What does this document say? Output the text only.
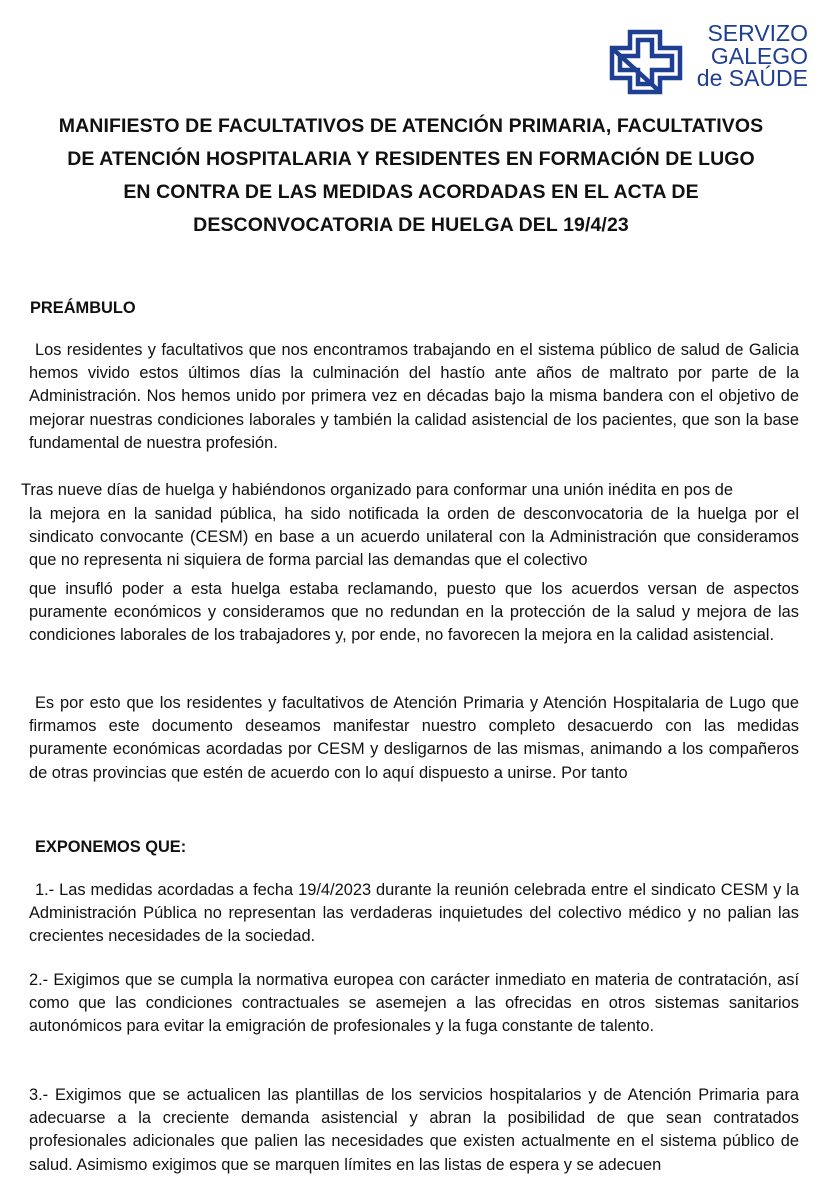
SERVIZO
GALEGO
de SAÚDE
MANIFIESTO DE FACULTATIVOS DE ATENCIÓN PRIMARIA, FACULTATIVOS
DE ATENCIÓN HOSPITALARIA Y RESIDENTES EN FORMACIÓN DE LUGO
EN CONTRA DE LAS MEDIDAS ACORDADAS EN EL ACTA DE
DESCONVOCATORIA DE HUELGA DEL 19/4/23
PREÁMBULO

Los residentes y facultativos que nos encontramos trabajando en el sistema público de salud de Galicia hemos vivido estos últimos días la culminación del hastío ante años de maltrato por parte de la Administración. Nos hemos unido por primera vez en décadas bajo la misma bandera con el objetivo de mejorar nuestras condiciones laborales y también la calidad asistencial de los pacientes, que son la base fundamental de nuestra profesión.

Tras nueve días de huelga y habiéndonos organizado para conformar una unión inédita en pos de

la mejora en la sanidad pública, ha sido notificada la orden de desconvocatoria de la huelga por el sindicato convocante (CESM) en base a un acuerdo unilateral con la Administración que consideramos que no representa ni siquiera de forma parcial las demandas que el colectivo

que insufló poder a esta huelga estaba reclamando, puesto que los acuerdos versan de aspectos puramente económicos y consideramos que no redundan en la protección de la salud y mejora de las condiciones laborales de los trabajadores y, por ende, no favorecen la mejora en la calidad asistencial.

Es por esto que los residentes y facultativos de Atención Primaria y Atención Hospitalaria de Lugo que firmamos este documento deseamos manifestar nuestro completo desacuerdo con las medidas puramente económicas acordadas por CESM y desligarnos de las mismas, animando a los compañeros de otras provincias que estén de acuerdo con lo aquí dispuesto a unirse. Por tanto

EXPONEMOS QUE:

1.- Las medidas acordadas a fecha 19/4/2023 durante la reunión celebrada entre el sindicato CESM y la Administración Pública no representan las verdaderas inquietudes del colectivo médico y no palian las crecientes necesidades de la sociedad.

2.- Exigimos que se cumpla la normativa europea con carácter inmediato en materia de contratación, así como que las condiciones contractuales se asemejen a las ofrecidas en otros sistemas sanitarios autonómicos para evitar la emigración de profesionales y la fuga constante de talento.

3.- Exigimos que se actualicen las plantillas de los servicios hospitalarios y de Atención Primaria para adecuarse a la creciente demanda asistencial y abran la posibilidad de que sean contratados profesionales adicionales que palien las necesidades que existen actualmente en el sistema público de salud. Asimismo exigimos que se marquen límites en las listas de espera y se adecuen
